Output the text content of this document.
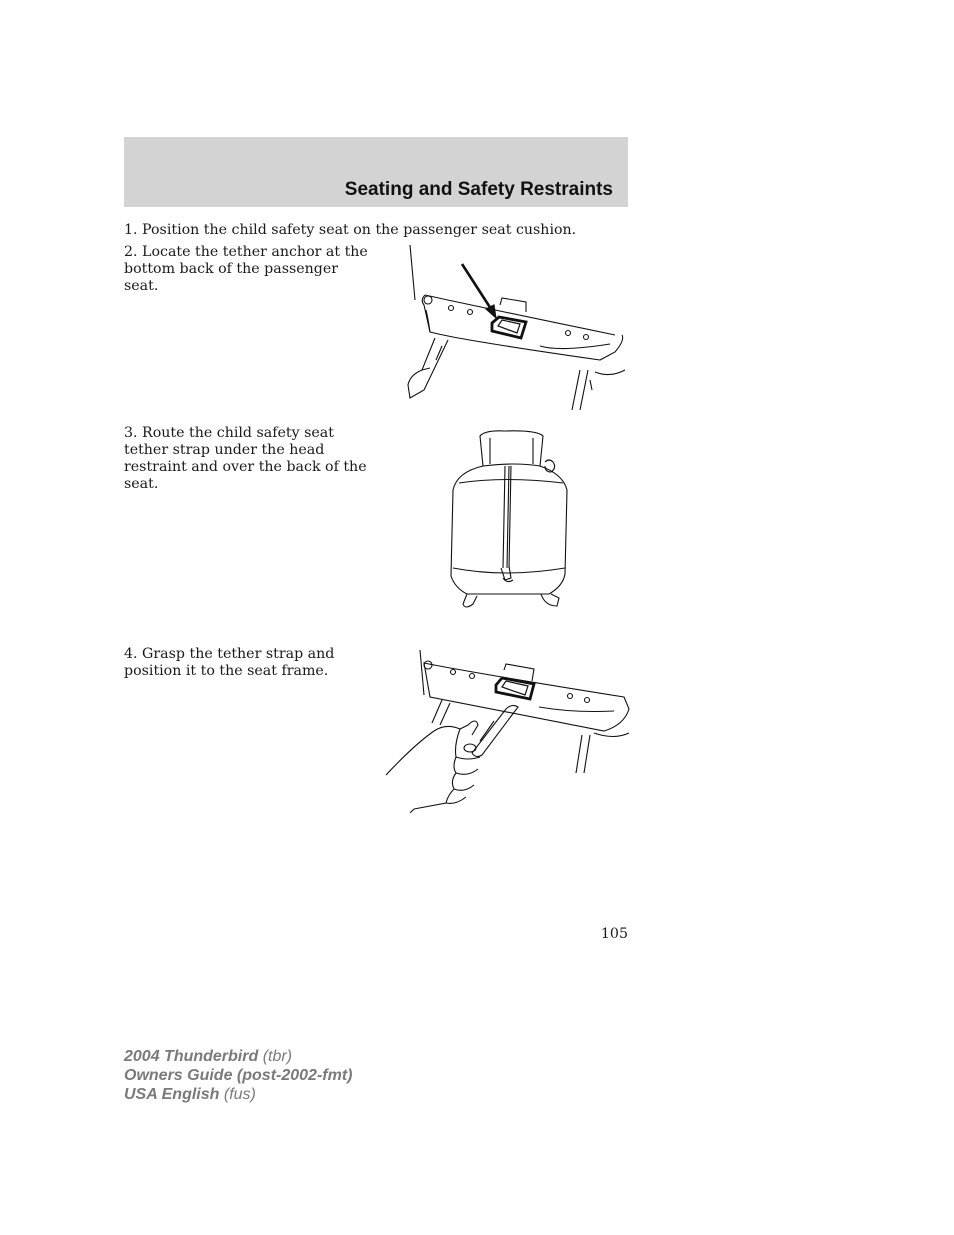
Seating and Safety Restraints

1. Position the child safety seat on the passenger seat cushion.

2. Locate the tether anchor at the bottom back of the passenger seat.

3. Route the child safety seat tether strap under the head restraint and over the back of the seat.

4. Grasp the tether strap and position it to the seat frame.

105
2004 Thunderbird (tbr)
Owners Guide (post-2002-fmt)
USA English (fus)
